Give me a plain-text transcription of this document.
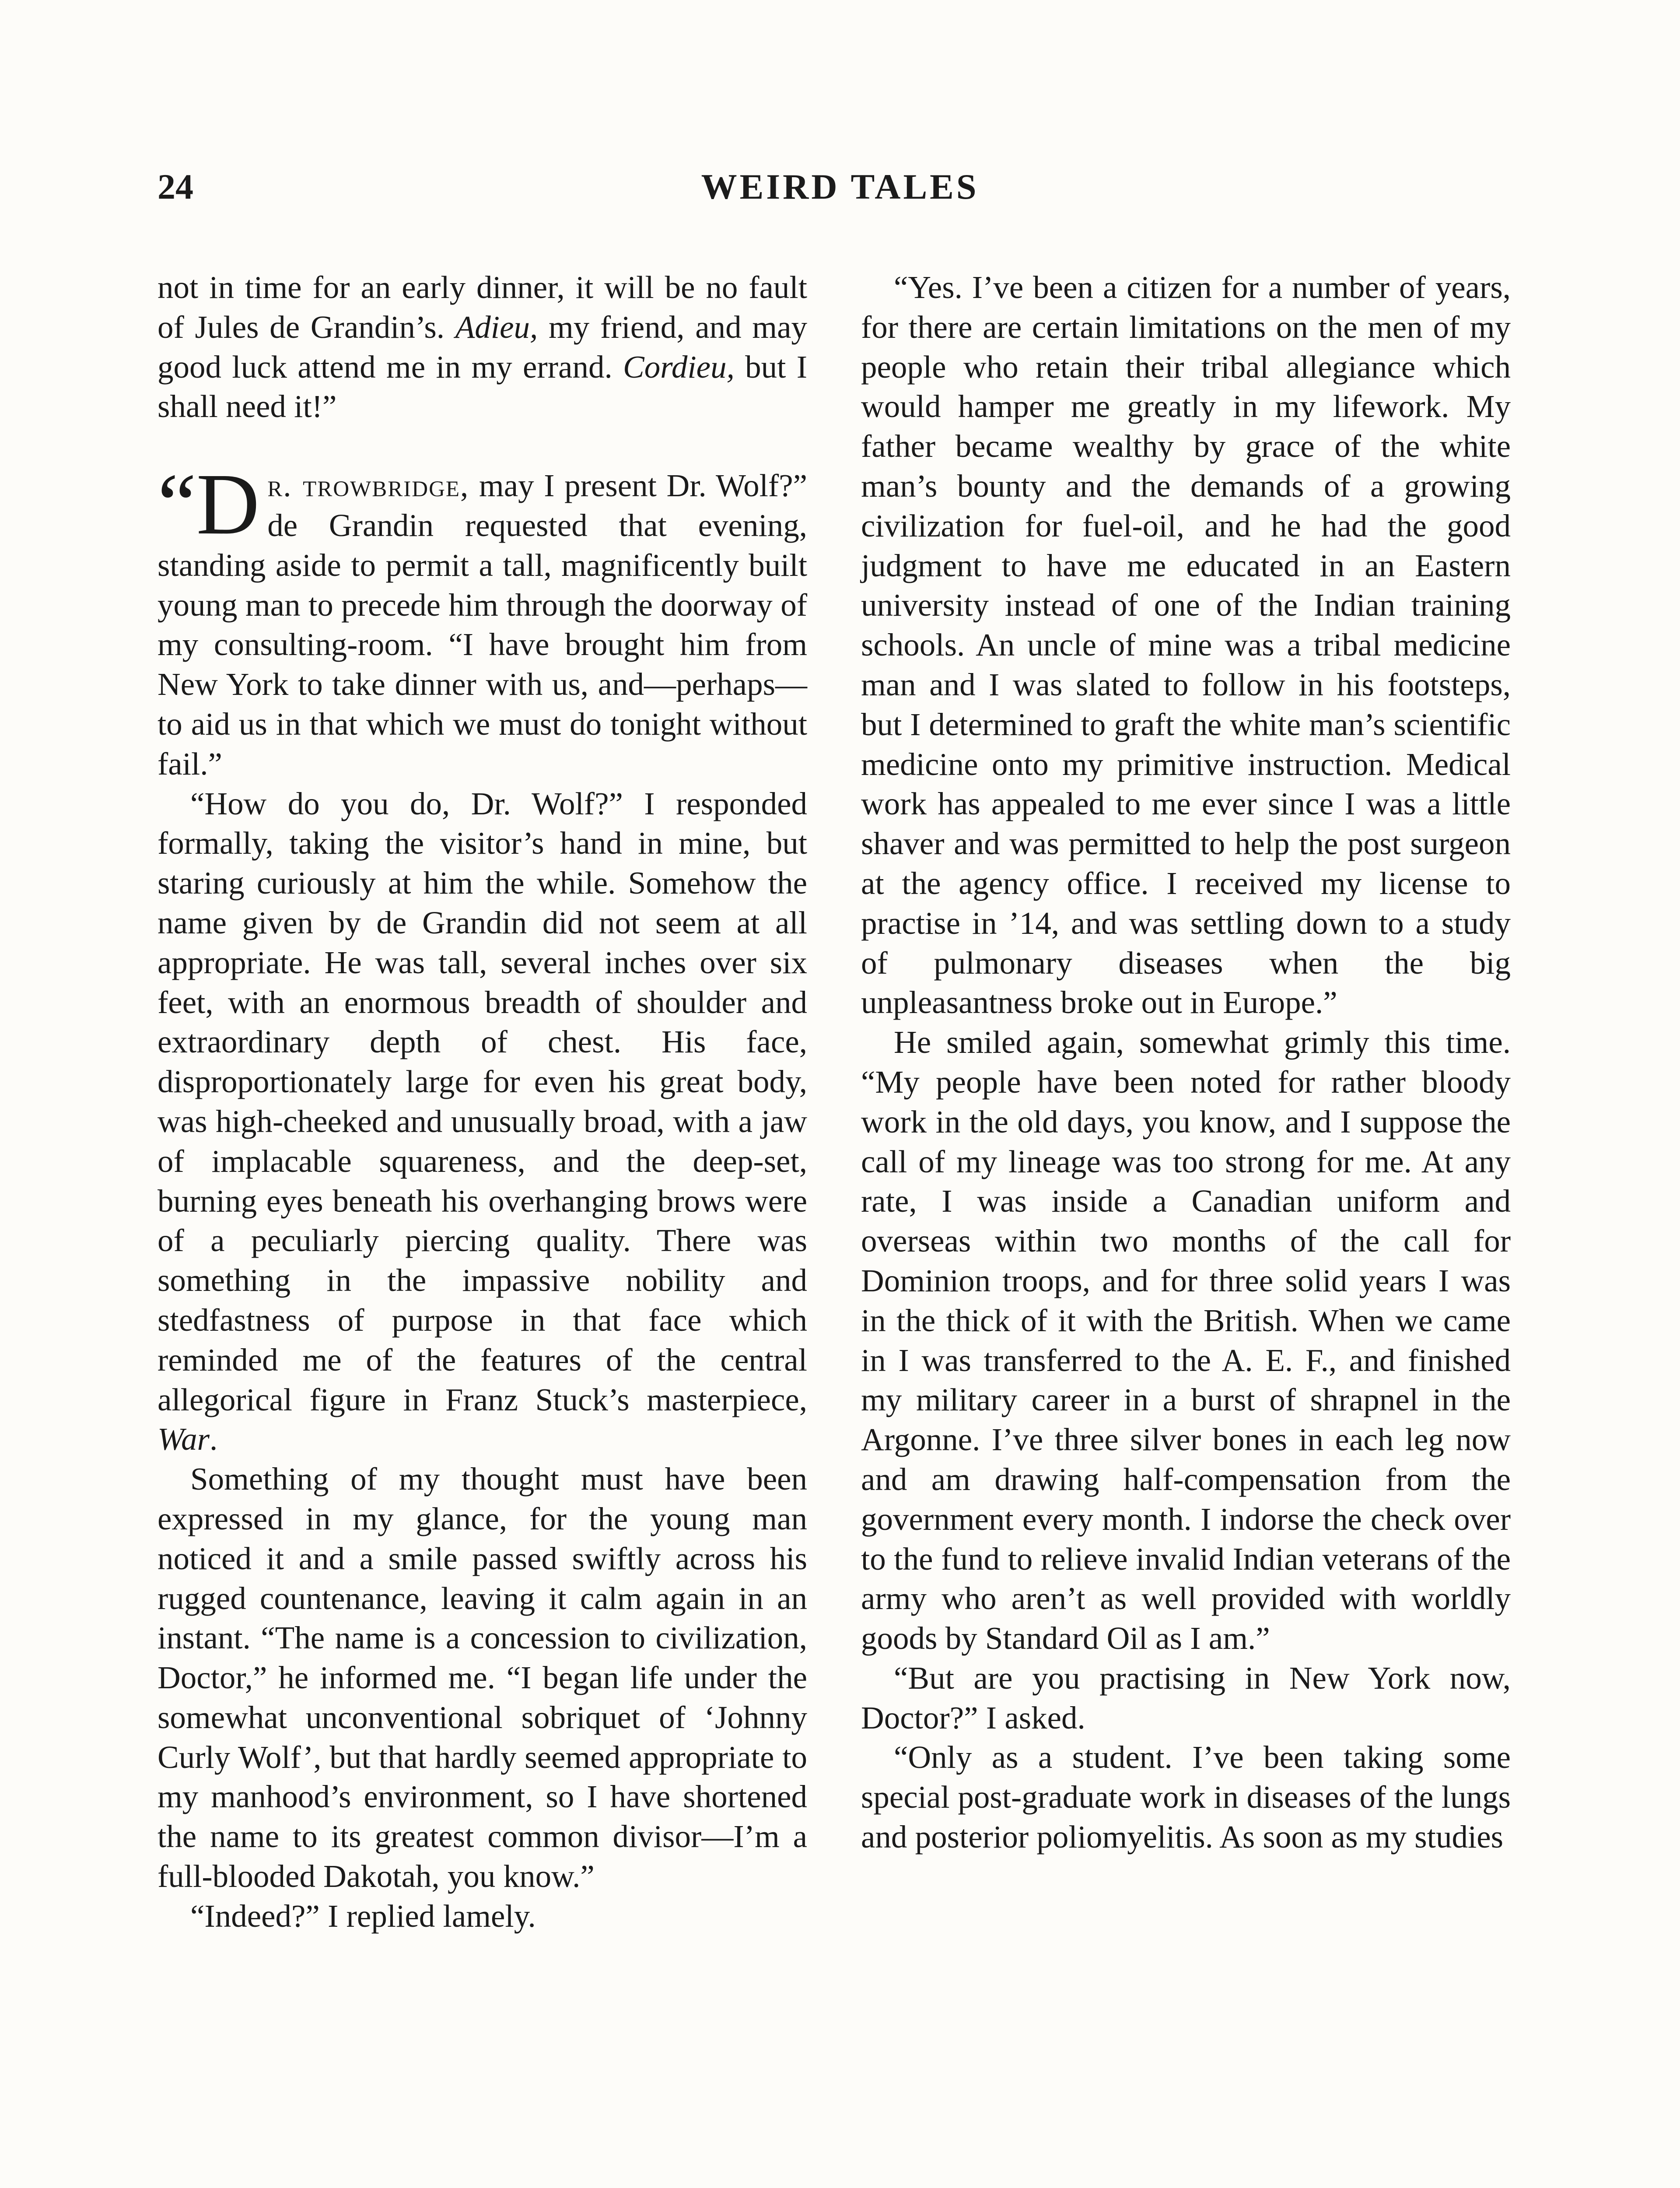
24	WEIRD TALES

not in time for an early dinner, it will be no fault of Jules de Grandin’s. Adieu, my friend, and may good luck attend me in my errand. Cordieu, but I shall need it!”

“D r. trowbridge, may I present Dr. Wolf?” de Grandin requested that evening, standing aside to permit a tall, magnificently built young man to precede him through the doorway of my consulting-room. “I have brought him from New York to take dinner with us, and—perhaps—to aid us in that which we must do tonight without fail.”

“How do you do, Dr. Wolf?” I responded formally, taking the visitor’s hand in mine, but staring curiously at him the while. Somehow the name given by de Grandin did not seem at all appropriate. He was tall, several inches over six feet, with an enormous breadth of shoulder and extraordinary depth of chest. His face, disproportionately large for even his great body, was high-cheeked and unusually broad, with a jaw of implacable squareness, and the deep-set, burning eyes beneath his overhanging brows were of a peculiarly piercing quality. There was something in the impassive nobility and stedfastness of purpose in that face which reminded me of the features of the central allegorical figure in Franz Stuck’s masterpiece, War.

Something of my thought must have been expressed in my glance, for the young man noticed it and a smile passed swiftly across his rugged countenance, leaving it calm again in an instant. “The name is a concession to civilization, Doctor,” he informed me. “I began life under the somewhat unconventional sobriquet of ‘Johnny Curly Wolf’, but that hardly seemed appropriate to my manhood’s environment, so I have shortened the name to its greatest common divisor—I’m a full-blooded Dakotah, you know.”

“Indeed?” I replied lamely.

“Yes. I’ve been a citizen for a number of years, for there are certain limitations on the men of my people who retain their tribal allegiance which would hamper me greatly in my lifework. My father became wealthy by grace of the white man’s bounty and the demands of a growing civilization for fuel-oil, and he had the good judgment to have me educated in an Eastern university instead of one of the Indian training schools. An uncle of mine was a tribal medicine man and I was slated to follow in his footsteps, but I determined to graft the white man’s scientific medicine onto my primitive instruction. Medical work has appealed to me ever since I was a little shaver and was permitted to help the post surgeon at the agency office. I received my license to practise in ’14, and was settling down to a study of pulmonary diseases when the big unpleasantness broke out in Europe.”

He smiled again, somewhat grimly this time. “My people have been noted for rather bloody work in the old days, you know, and I suppose the call of my lineage was too strong for me. At any rate, I was inside a Canadian uniform and overseas within two months of the call for Dominion troops, and for three solid years I was in the thick of it with the British. When we came in I was transferred to the A. E. F., and finished my military career in a burst of shrapnel in the Argonne. I’ve three silver bones in each leg now and am drawing half-compensation from the government every month. I indorse the check over to the fund to relieve invalid Indian veterans of the army who aren’t as well provided with worldly goods by Standard Oil as I am.”

“But are you practising in New York now, Doctor?” I asked.

“Only as a student. I’ve been taking some special post-graduate work in diseases of the lungs and posterior poliomyelitis. As soon as my studies
